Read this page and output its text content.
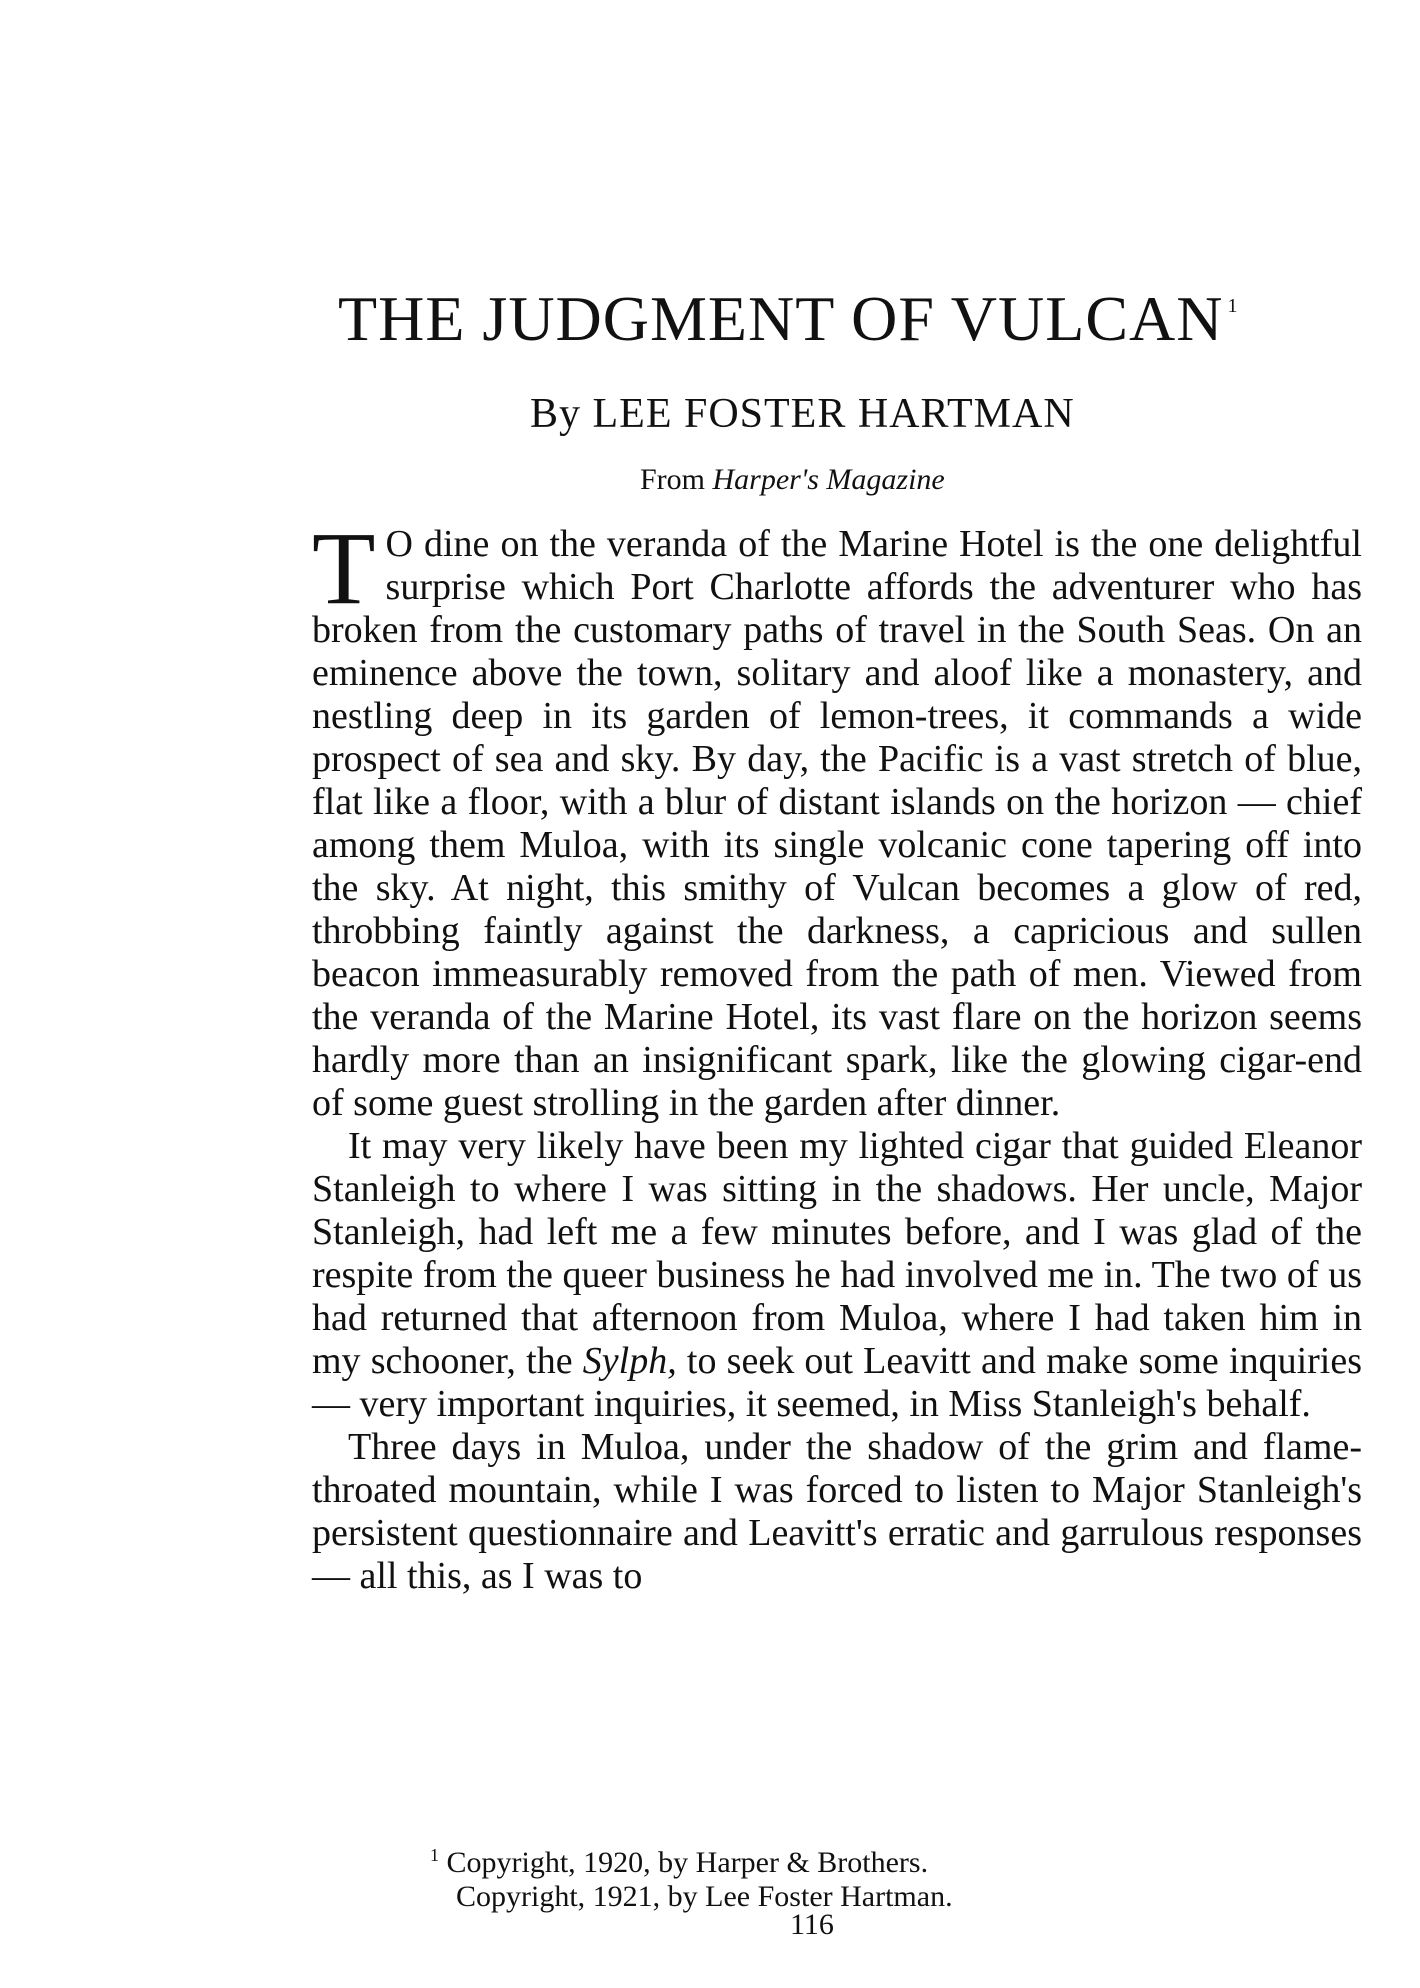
THE JUDGMENT OF VULCAN $^1$
By LEE FOSTER HARTMAN
From Harper's Magazine

T O dine on the veranda of the Marine Hotel is the one delightful surprise which Port Charlotte affords the adventurer who has broken from the customary paths of travel in the South Seas. On an eminence above the town, solitary and aloof like a monastery, and nestling deep in its garden of lemon-trees, it commands a wide prospect of sea and sky. By day, the Pacific is a vast stretch of blue, flat like a floor, with a blur of distant islands on the horizon — chief among them Muloa, with its single volcanic cone tapering off into the sky. At night, this smithy of Vulcan becomes a glow of red, throbbing faintly against the darkness, a capricious and sullen beacon immeasurably removed from the path of men. Viewed from the veranda of the Marine Hotel, its vast flare on the horizon seems hardly more than an insignificant spark, like the glowing cigar-end of some guest strolling in the garden after dinner.

It may very likely have been my lighted cigar that guided Eleanor Stanleigh to where I was sitting in the shadows. Her uncle, Major Stanleigh, had left me a few minutes before, and I was glad of the respite from the queer business he had involved me in. The two of us had returned that afternoon from Muloa, where I had taken him in my schooner, the Sylph, to seek out Leavitt and make some inquiries — very important inquiries, it seemed, in Miss Stanleigh's behalf.

Three days in Muloa, under the shadow of the grim and flame-throated mountain, while I was forced to listen to Major Stanleigh's persistent questionnaire and Leavitt's erratic and garrulous responses — all this, as I was to

$^1$ Copyright, 1920, by Harper & Brothers.
Copyright, 1921, by Lee Foster Hartman.
116
